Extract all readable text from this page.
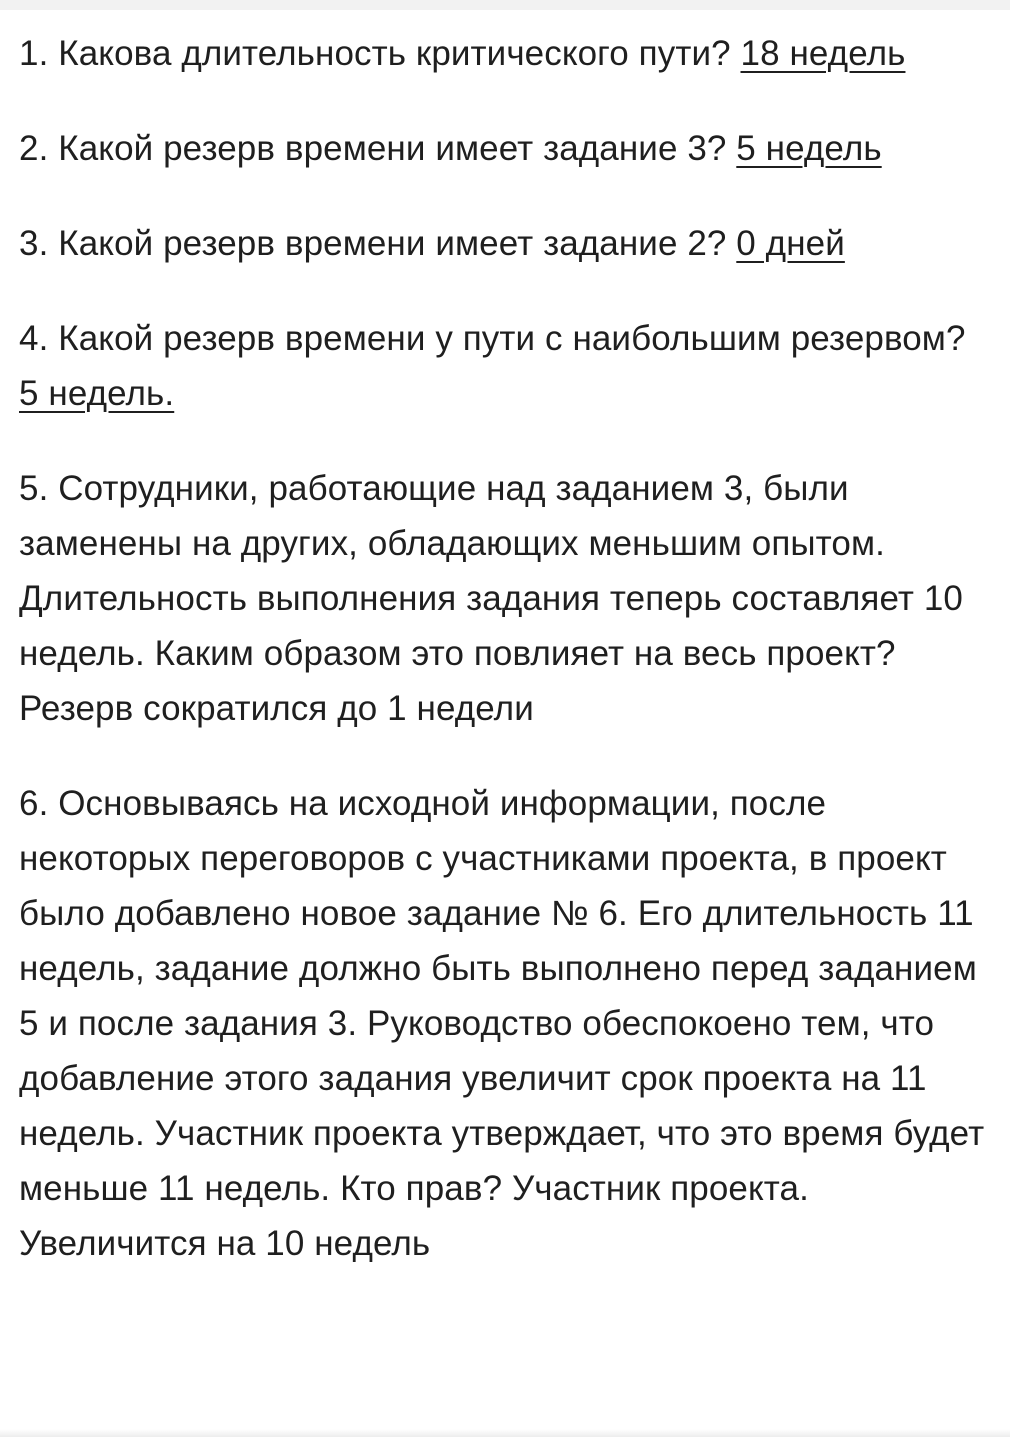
1. Какова длительность критического пути? 18 недель

2. Какой резерв времени имеет задание 3? 5 недель

3. Какой резерв времени имеет задание 2? 0 дней

4. Какой резерв времени у пути с наибольшим резервом? 5 недель.

5. Сотрудники, работающие над заданием 3, были заменены на других, обладающих меньшим опытом. Длительность выполнения задания теперь составляет 10 недель. Каким образом это повлияет на весь проект? Резерв сократился до 1 недели

6. Основываясь на исходной информации, после некоторых переговоров с участниками проекта, в проект было добавлено новое задание № 6. Его длительность 11 недель, задание должно быть выполнено перед заданием 5 и после задания 3. Руководство обеспокоено тем, что добавление этого задания увеличит срок проекта на 11 недель. Участник проекта утверждает, что это время будет меньше 11 недель. Кто прав? Участник проекта. Увеличится на 10 недель
